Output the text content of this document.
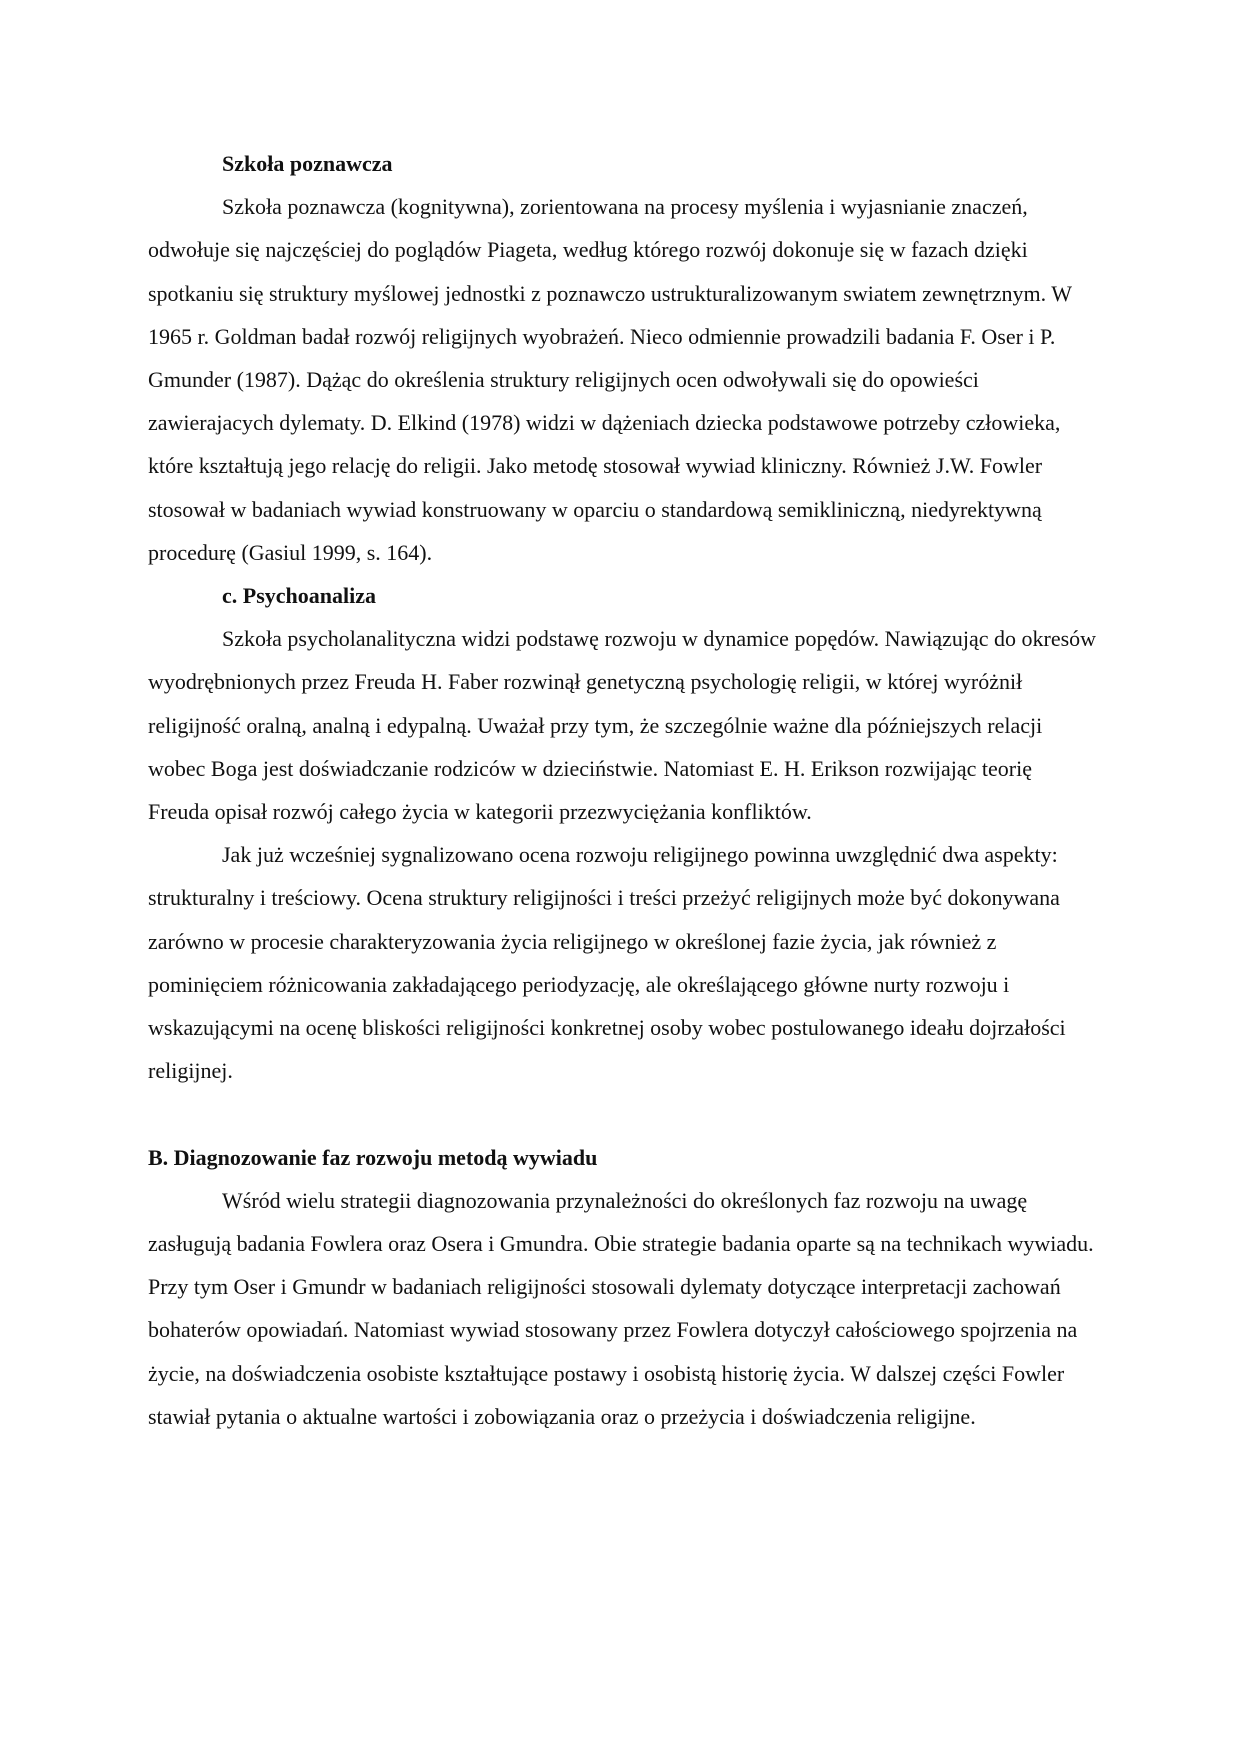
Szkoła poznawcza

Szkoła poznawcza (kognitywna), zorientowana na procesy myślenia i wyjasnianie znaczeń, odwołuje się najczęściej do poglądów Piageta, według którego rozwój dokonuje się w fazach dzięki spotkaniu się struktury myślowej jednostki z poznawczo ustrukturalizowanym swiatem zewnętrznym. W 1965 r. Goldman badał rozwój religijnych wyobrażeń. Nieco odmiennie prowadzili badania F. Oser i P. Gmunder (1987). Dążąc do określenia struktury religijnych ocen odwoływali się do opowieści zawierajacych dylematy. D. Elkind (1978) widzi w dążeniach dziecka podstawowe potrzeby człowieka, które kształtują jego relację do religii. Jako metodę stosował wywiad kliniczny. Również J.W. Fowler stosował w badaniach wywiad konstruowany w oparciu o standardową semikliniczną, niedyrektywną procedurę (Gasiul 1999, s. 164).

c. Psychoanaliza

Szkoła psycholanalityczna widzi podstawę rozwoju w dynamice popędów. Nawiązując do okresów wyodrębnionych przez Freuda H. Faber rozwinął genetyczną psychologię religii, w której wyróżnił religijność oralną, analną i edypalną. Uważał przy tym, że szczególnie ważne dla późniejszych relacji wobec Boga jest doświadczanie rodziców w dzieciństwie. Natomiast E. H. Erikson rozwijając teorię Freuda opisał rozwój całego życia w kategorii przezwyciężania konfliktów.

Jak już wcześniej sygnalizowano ocena rozwoju religijnego powinna uwzględnić dwa aspekty: strukturalny i treściowy. Ocena struktury religijności i treści przeżyć religijnych może być dokonywana zarówno w procesie charakteryzowania życia religijnego w określonej fazie życia, jak również z pominięciem różnicowania zakładającego periodyzację, ale określającego główne nurty rozwoju i wskazującymi na ocenę bliskości religijności konkretnej osoby wobec postulowanego ideału dojrzałości religijnej.

B. Diagnozowanie faz rozwoju metodą wywiadu

Wśród wielu strategii diagnozowania przynależności do określonych faz rozwoju na uwagę zasługują badania Fowlera oraz Osera i Gmundra. Obie strategie badania oparte są na technikach wywiadu. Przy tym Oser i Gmundr w badaniach religijności stosowali dylematy dotyczące interpretacji zachowań bohaterów opowiadań. Natomiast wywiad stosowany przez Fowlera dotyczył całościowego spojrzenia na życie, na doświadczenia osobiste kształtujące postawy i osobistą historię życia. W dalszej części Fowler stawiał pytania o aktualne wartości i zobowiązania oraz o przeżycia i doświadczenia religijne.
